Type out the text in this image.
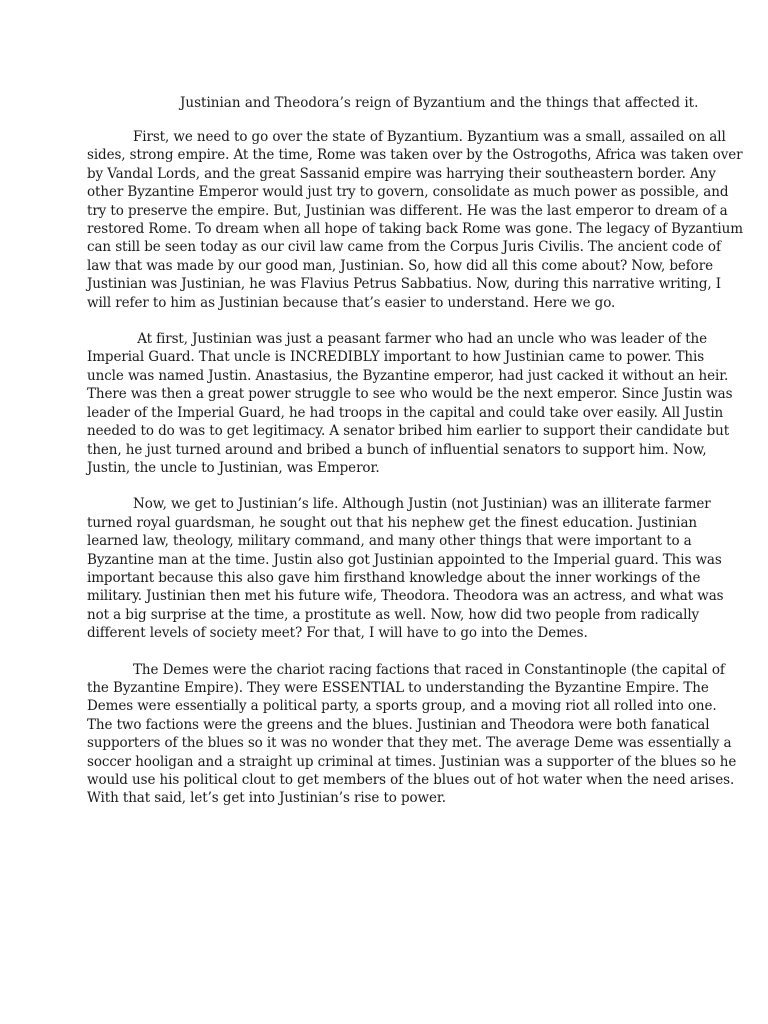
Justinian and Theodora’s reign of Byzantium and the things that affected it.
First, we need to go over the state of Byzantium. Byzantium was a small, assailed on all
sides, strong empire. At the time, Rome was taken over by the Ostrogoths, Africa was taken over
by Vandal Lords, and the great Sassanid empire was harrying their southeastern border. Any
other Byzantine Emperor would just try to govern, consolidate as much power as possible, and
try to preserve the empire. But, Justinian was different. He was the last emperor to dream of a
restored Rome. To dream when all hope of taking back Rome was gone. The legacy of Byzantium
can still be seen today as our civil law came from the Corpus Juris Civilis. The ancient code of
law that was made by our good man, Justinian. So, how did all this come about? Now, before
Justinian was Justinian, he was Flavius Petrus Sabbatius. Now, during this narrative writing, I
will refer to him as Justinian because that’s easier to understand. Here we go.
At first, Justinian was just a peasant farmer who had an uncle who was leader of the
Imperial Guard. That uncle is INCREDIBLY important to how Justinian came to power. This
uncle was named Justin. Anastasius, the Byzantine emperor, had just cacked it without an heir.
There was then a great power struggle to see who would be the next emperor. Since Justin was
leader of the Imperial Guard, he had troops in the capital and could take over easily. All Justin
needed to do was to get legitimacy. A senator bribed him earlier to support their candidate but
then, he just turned around and bribed a bunch of influential senators to support him. Now,
Justin, the uncle to Justinian, was Emperor.
Now, we get to Justinian’s life. Although Justin (not Justinian) was an illiterate farmer
turned royal guardsman, he sought out that his nephew get the finest education. Justinian
learned law, theology, military command, and many other things that were important to a
Byzantine man at the time. Justin also got Justinian appointed to the Imperial guard. This was
important because this also gave him firsthand knowledge about the inner workings of the
military. Justinian then met his future wife, Theodora. Theodora was an actress, and what was
not a big surprise at the time, a prostitute as well. Now, how did two people from radically
different levels of society meet? For that, I will have to go into the Demes.
The Demes were the chariot racing factions that raced in Constantinople (the capital of
the Byzantine Empire). They were ESSENTIAL to understanding the Byzantine Empire. The
Demes were essentially a political party, a sports group, and a moving riot all rolled into one.
The two factions were the greens and the blues. Justinian and Theodora were both fanatical
supporters of the blues so it was no wonder that they met. The average Deme was essentially a
soccer hooligan and a straight up criminal at times. Justinian was a supporter of the blues so he
would use his political clout to get members of the blues out of hot water when the need arises.
With that said, let’s get into Justinian’s rise to power.
